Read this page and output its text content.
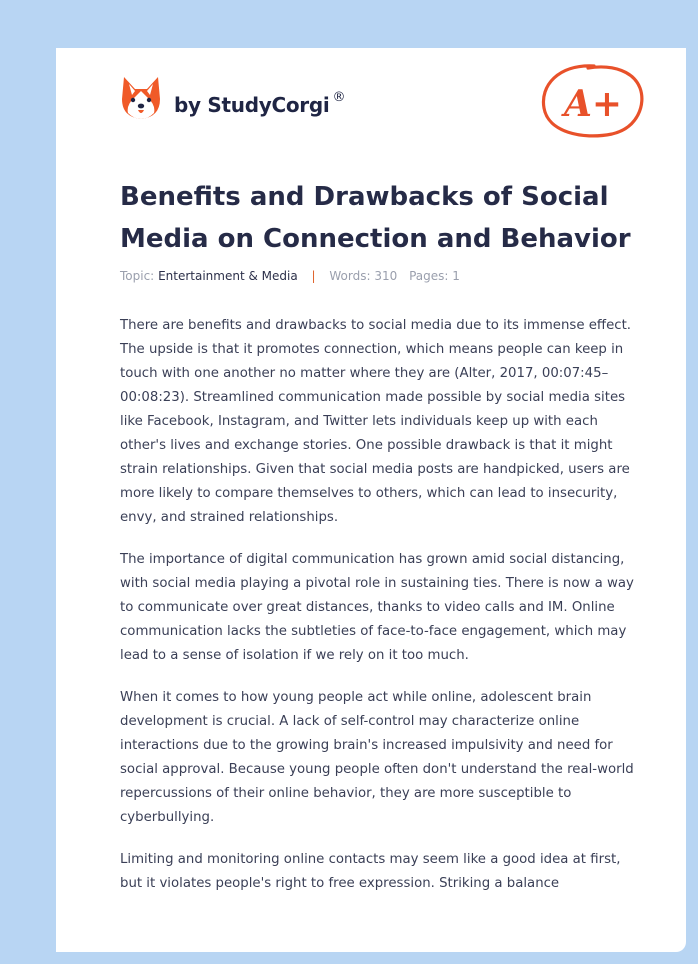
by StudyCorgi ®	A+
Benefits and Drawbacks of Social Media on Connection and Behavior
Topic: Entertainment & Media | Words: 310 Pages: 1

There are benefits and drawbacks to social media due to its immense effect. The upside is that it promotes connection, which means people can keep in touch with one another no matter where they are (Alter, 2017, 00:07:45–00:08:23). Streamlined communication made possible by social media sites like Facebook, Instagram, and Twitter lets individuals keep up with each other's lives and exchange stories. One possible drawback is that it might strain relationships. Given that social media posts are handpicked, users are more likely to compare themselves to others, which can lead to insecurity, envy, and strained relationships.

The importance of digital communication has grown amid social distancing, with social media playing a pivotal role in sustaining ties. There is now a way to communicate over great distances, thanks to video calls and IM. Online communication lacks the subtleties of face-to-face engagement, which may lead to a sense of isolation if we rely on it too much.

When it comes to how young people act while online, adolescent brain development is crucial. A lack of self-control may characterize online interactions due to the growing brain's increased impulsivity and need for social approval. Because young people often don't understand the real-world repercussions of their online behavior, they are more susceptible to cyberbullying.

Limiting and monitoring online contacts may seem like a good idea at first, but it violates people's right to free expression. Striking a balance
